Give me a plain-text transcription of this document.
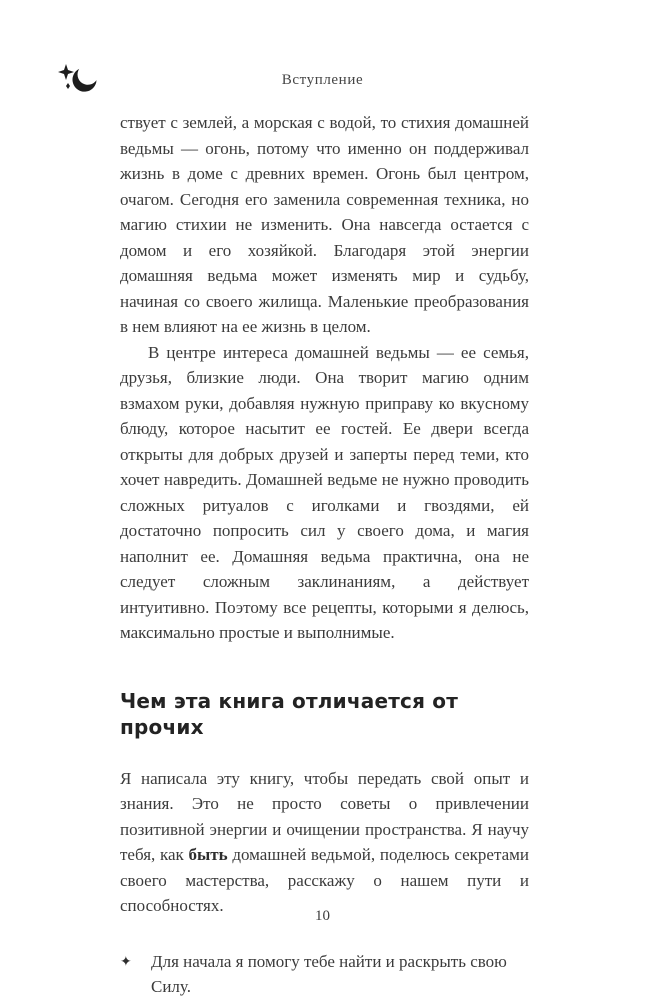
Вступление

ствует с землей, а морская с водой, то стихия домашней ведьмы — огонь, потому что именно он поддерживал жизнь в доме с древних времен. Огонь был центром, очагом. Сегодня его заменила современная техника, но магию стихии не изменить. Она навсегда остается с домом и его хозяйкой. Благодаря этой энергии домашняя ведьма может изменять мир и судьбу, начиная со своего жилища. Маленькие преобразования в нем влияют на ее жизнь в целом.

В центре интереса домашней ведьмы — ее семья, друзья, близкие люди. Она творит магию одним взмахом руки, добавляя нужную приправу ко вкусному блюду, которое насытит ее гостей. Ее двери всегда открыты для добрых друзей и заперты перед теми, кто хочет навредить. Домашней ведьме не нужно проводить сложных ритуалов с иголками и гвоздями, ей достаточно попросить сил у своего дома, и магия наполнит ее. Домашняя ведьма практична, она не следует сложным заклинаниям, а действует интуитивно. Поэтому все рецепты, которыми я делюсь, максимально простые и выполнимые.

Чем эта книга отличается от прочих

Я написала эту книгу, чтобы передать свой опыт и знания. Это не просто советы о привлечении позитивной энергии и очищении пространства. Я научу тебя, как быть домашней ведьмой, поделюсь секретами своего мастерства, расскажу о нашем пути и способностях.

✦ Для начала я помогу тебе найти и раскрыть свою Силу.
10
